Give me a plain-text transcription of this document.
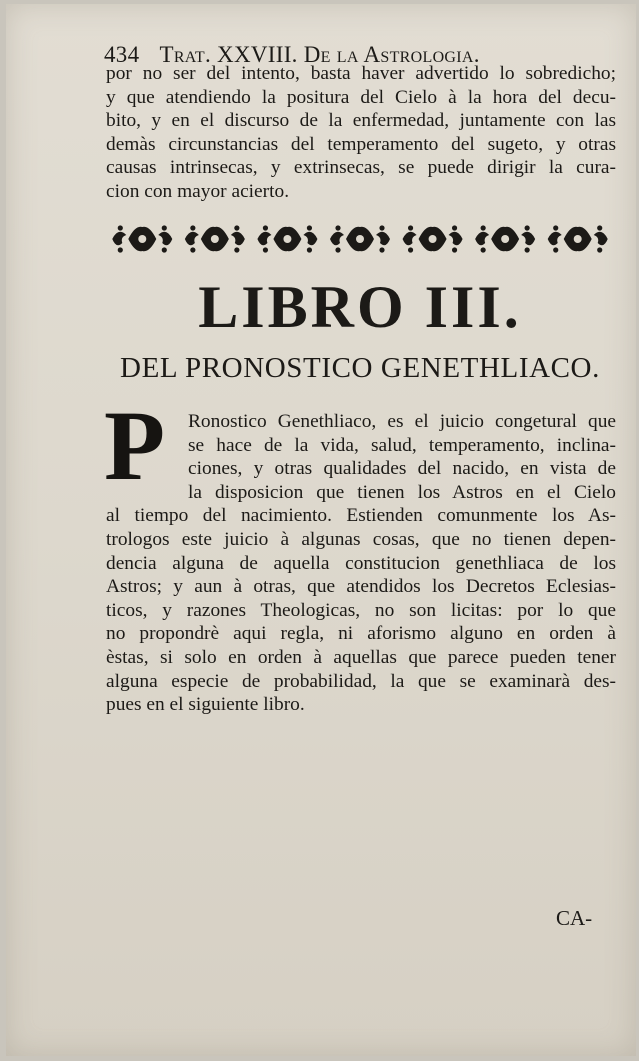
434 Trat. XXVIII. De la Astrologia.
por no ser del intento, basta haver advertido lo sobredicho;
y que atendiendo la positura del Cielo à la hora del decu-
bito, y en el discurso de la enfermedad, juntamente con las
demàs circunstancias del temperamento del sugeto, y otras
causas intrinsecas, y extrinsecas, se puede dirigir la cura-
cion con mayor acierto.
LIBRO III.
DEL PRONOSTICO GENETHLIACO.
P	Ronostico Genethliaco, es el juicio congetural que
se hace de la vida, salud, temperamento, inclina-
ciones, y otras qualidades del nacido, en vista de
la disposicion que tienen los Astros en el Cielo
al tiempo del nacimiento. Estienden comunmente los As-
trologos este juicio à algunas cosas, que no tienen depen-
dencia alguna de aquella constitucion genethliaca de los
Astros; y aun à otras, que atendidos los Decretos Eclesias-
ticos, y razones Theologicas, no son licitas: por lo que
no propondrè aqui regla, ni aforismo alguno en orden à
èstas, si solo en orden à aquellas que parece pueden tener
alguna especie de probabilidad, la que se examinarà des-
pues en el siguiente libro.
CA-
